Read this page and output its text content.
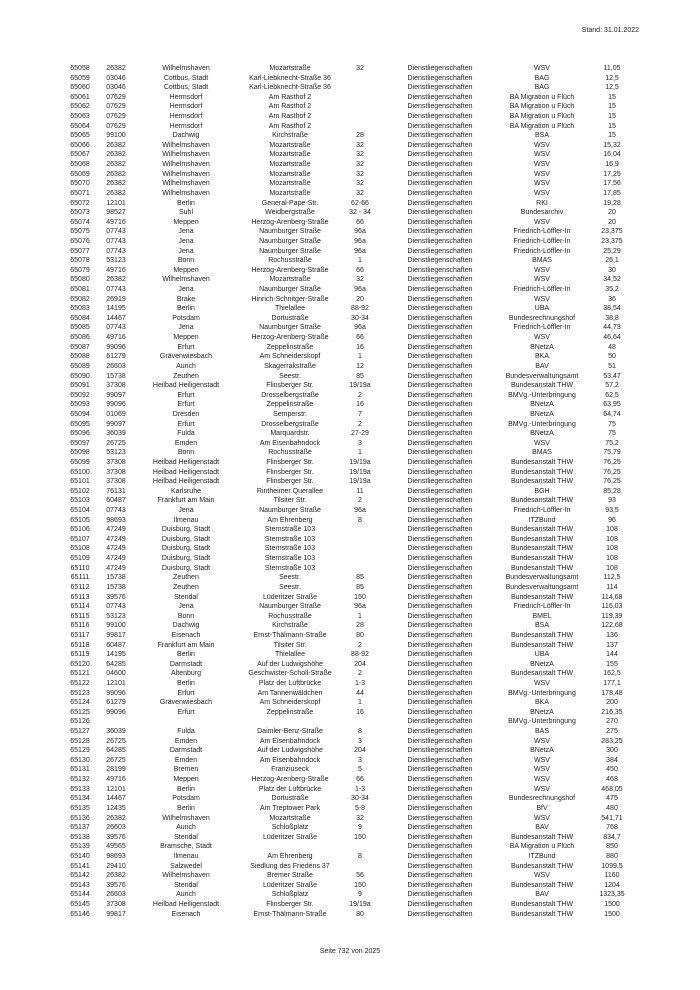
Stand: 31.01.2022
65058	26382	Wilhelmshaven	Mozartstraße	32	Dienstliegenschaften	WSV	11,05
65059	03046	Cottbus, Stadt	Karl-Liebknecht-Straße 36	Dienstliegenschaften	BAG	12,5
65060	03046	Cottbus, Stadt	Karl-Liebknecht-Straße 36	Dienstliegenschaften	BAG	12,5
65061	07629	Hermsdorf	Am Rasthof 2	Dienstliegenschaften	BA Migration u Flüch	15
65062	07629	Hermsdorf	Am Rasthof 2	Dienstliegenschaften	BA Migration u Flüch	15
65063	07629	Hermsdorf	Am Rasthof 2	Dienstliegenschaften	BA Migration u Flüch	15
65064	07629	Hermsdorf	Am Rasthof 2	Dienstliegenschaften	BA Migration u Flüch	15
65065	99100	Dachwig	Kirchstraße	28	Dienstliegenschaften	BSA	15
65066	26382	Wilhelmshaven	Mozartstraße	32	Dienstliegenschaften	WSV	15,32
65067	26382	Wilhelmshaven	Mozartstraße	32	Dienstliegenschaften	WSV	16,04
65068	26382	Wilhelmshaven	Mozartstraße	32	Dienstliegenschaften	WSV	16,9
65069	26382	Wilhelmshaven	Mozartstraße	32	Dienstliegenschaften	WSV	17,25
65070	26382	Wilhelmshaven	Mozartstraße	32	Dienstliegenschaften	WSV	17,56
65071	26382	Wilhelmshaven	Mozartstraße	32	Dienstliegenschaften	WSV	17,85
65072	12101	Berlin	General-Pape-Str.	62-66	Dienstliegenschaften	RKI	19,28
65073	98527	Suhl	Weidbergstraße	32 - 34	Dienstliegenschaften	Bundesarchiv	20
65074	49716	Meppen	Herzog-Arenberg-Straße	66	Dienstliegenschaften	WSV	20
65075	07743	Jena	Naumburger Straße	96a	Dienstliegenschaften	Friedrich-Löffler-In	23,375
65076	07743	Jena	Naumburger Straße	96a	Dienstliegenschaften	Friedrich-Löffler-In	23,375
65077	07743	Jena	Naumburger Straße	96a	Dienstliegenschaften	Friedrich-Löffler-In	25,29
65078	53123	Bonn	Rochusstraße	1	Dienstliegenschaften	BMAS	26,1
65079	49716	Meppen	Herzog-Arenberg-Straße	66	Dienstliegenschaften	WSV	30
65080	26382	Wilhelmshaven	Mozartstraße	32	Dienstliegenschaften	WSV	34,52
65081	07743	Jena	Naumburger Straße	96a	Dienstliegenschaften	Friedrich-Löffler-In	35,2
65082	26919	Brake	Hinrich-Schnitger-Straße	20	Dienstliegenschaften	WSV	36
65083	14195	Berlin	Thielallee	88-92	Dienstliegenschaften	UBA	38,54
65084	14467	Potsdam	Dortustraße	30-34	Dienstliegenschaften	Bundesrechnungshof	38,8
65085	07743	Jena	Naumburger Straße	96a	Dienstliegenschaften	Friedrich-Löffler-In	44,73
65086	49716	Meppen	Herzog-Arenberg-Straße	66	Dienstliegenschaften	WSV	46,64
65087	99096	Erfurt	Zeppelinstraße	16	Dienstliegenschaften	BNetzA	48
65088	61279	Grävenwiesbach	Am Schneiderskopf	1	Dienstliegenschaften	BKA	50
65089	26603	Aurich	Skagerrakstraße	12	Dienstliegenschaften	BAV	51
65090	15738	Zeuthen	Seestr.	85	Dienstliegenschaften	Bundesverwaltungsamt	53,47
65091	37308	Heilbad Heiligenstadt	Flinsberger Str.	19/19a	Dienstliegenschaften	Bundesanstalt THW	57,2
65092	99097	Erfurt	Drosselbergstraße	2	Dienstliegenschaften	BMVg.-Unterbringung	62,5
65093	99096	Erfurt	Zeppelinstraße	16	Dienstliegenschaften	BNetzA	63,95
65094	01069	Dresden	Semperstr.	7	Dienstliegenschaften	BNetzA	64,74
65095	99097	Erfurt	Drosselbergstraße	2	Dienstliegenschaften	BMVg.-Unterbringung	75
65096	36039	Fulda	Marquardstr.	27-29	Dienstliegenschaften	BNetzA	75
65097	26725	Emden	Am Eisenbahndock	3	Dienstliegenschaften	WSV	75,2
65098	53123	Bonn	Rochusstraße	1	Dienstliegenschaften	BMAS	75,79
65099	37308	Heilbad Heiligenstadt	Flinsberger Str.	19/19a	Dienstliegenschaften	Bundesanstalt THW	76,25
65100	37308	Heilbad Heiligenstadt	Flinsberger Str.	19/19a	Dienstliegenschaften	Bundesanstalt THW	76,25
65101	37308	Heilbad Heiligenstadt	Flinsberger Str.	19/19a	Dienstliegenschaften	Bundesanstalt THW	76,25
65102	76131	Karlsruhe	Rintheimer Querallee	11	Dienstliegenschaften	BGH	85,28
65103	60487	Frankfurt am Main	Tilsiter Str.	2	Dienstliegenschaften	Bundesanstalt THW	93
65104	07743	Jena	Naumburger Straße	96a	Dienstliegenschaften	Friedrich-Löffler-In	93,5
65105	98693	Ilmenau	Am Ehrenberg	8	Dienstliegenschaften	ITZBund	96
65106	47249	Duisburg, Stadt	Sternstraße 103	Dienstliegenschaften	Bundesanstalt THW	108
65107	47249	Duisburg, Stadt	Sternstraße 103	Dienstliegenschaften	Bundesanstalt THW	108
65108	47249	Duisburg, Stadt	Sternstraße 103	Dienstliegenschaften	Bundesanstalt THW	108
65109	47249	Duisburg, Stadt	Sternstraße 103	Dienstliegenschaften	Bundesanstalt THW	108
65110	47249	Duisburg, Stadt	Sternstraße 103	Dienstliegenschaften	Bundesanstalt THW	108
65111	15738	Zeuthen	Seestr.	85	Dienstliegenschaften	Bundesverwaltungsamt	112,5
65112	15738	Zeuthen	Seestr.	85	Dienstliegenschaften	Bundesverwaltungsamt	114
65113	39576	Stendal	Lüderitzer Straße	150	Dienstliegenschaften	Bundesanstalt THW	114,68
65114	07743	Jena	Naumburger Straße	96a	Dienstliegenschaften	Friedrich-Löffler-In	116,03
65115	53123	Bonn	Rochusstraße	1	Dienstliegenschaften	BMEL	119,39
65116	99100	Dachwig	Kirchstraße	28	Dienstliegenschaften	BSA	122,68
65117	99817	Eisenach	Ernst-Thälmann-Straße	80	Dienstliegenschaften	Bundesanstalt THW	136
65118	60487	Frankfurt am Main	Tilsiter Str.	2	Dienstliegenschaften	Bundesanstalt THW	137
65119	14195	Berlin	Thielallee	88-92	Dienstliegenschaften	UBA	144
65120	64285	Darmstadt	Auf der Ludwigshöhe	204	Dienstliegenschaften	BNetzA	155
65121	04600	Altenburg	Geschwister-Scholl-Straße	2	Dienstliegenschaften	Bundesanstalt THW	162,5
65122	12101	Berlin	Platz der Luftbrücke	1-3	Dienstliegenschaften	WSV	177,1
65123	99096	Erfurt	Am Tannenwäldchen	44	Dienstliegenschaften	BMVg.-Unterbringung	178,48
65124	61279	Grävenwiesbach	Am Schneiderskopf	1	Dienstliegenschaften	BKA	200
65125	99096	Erfurt	Zeppelinstraße	16	Dienstliegenschaften	BNetzA	216,35
65126	Dienstliegenschaften	BMVg.-Unterbringung	270
65127	36039	Fulda	Daimler-Benz-Straße	8	Dienstliegenschaften	BAS	275
65128	26725	Emden	Am Eisenbahndock	3	Dienstliegenschaften	WSV	283,25
65129	64285	Darmstadt	Auf der Ludwigshöhe	204	Dienstliegenschaften	BNetzA	300
65130	26725	Emden	Am Eisenbahndock	3	Dienstliegenschaften	WSV	384
65131	28199	Bremen	Franziuseck	5	Dienstliegenschaften	WSV	450
65132	49716	Meppen	Herzog-Arenberg-Straße	66	Dienstliegenschaften	WSV	468
65133	12101	Berlin	Platz der Luftbrücke	1-3	Dienstliegenschaften	WSV	468,05
65134	14467	Potsdam	Dortustraße	30-34	Dienstliegenschaften	Bundesrechnungshof	475
65135	12435	Berlin	Am Treptower Park	5-8	Dienstliegenschaften	BfV	480
65136	26382	Wilhelmshaven	Mozartstraße	32	Dienstliegenschaften	WSV	541,71
65137	26603	Aurich	Schloßplatz	9	Dienstliegenschaften	BAV	768
65138	39576	Stendal	Lüderitzer Straße	150	Dienstliegenschaften	Bundesanstalt THW	834,7
65139	49565	Bramsche, Stadt	Dienstliegenschaften	BA Migration u Flüch	850
65140	98693	Ilmenau	Am Ehrenberg	8	Dienstliegenschaften	ITZBund	880
65141	29410	Salzwedel	Siedlung des Friedens 37	Dienstliegenschaften	Bundesanstalt THW	1099,5
65142	26382	Wilhelmshaven	Bremer Straße	56	Dienstliegenschaften	WSV	1160
65143	39576	Stendal	Lüderitzer Straße	150	Dienstliegenschaften	Bundesanstalt THW	1204
65144	26603	Aurich	Schloßplatz	9	Dienstliegenschaften	BAV	1323,35
65145	37308	Heilbad Heiligenstadt	Flinsberger Str.	19/19a	Dienstliegenschaften	Bundesanstalt THW	1500
65146	99817	Eisenach	Ernst-Thälmann-Straße	80	Dienstliegenschaften	Bundesanstalt THW	1500
Seite 732 von 2025
